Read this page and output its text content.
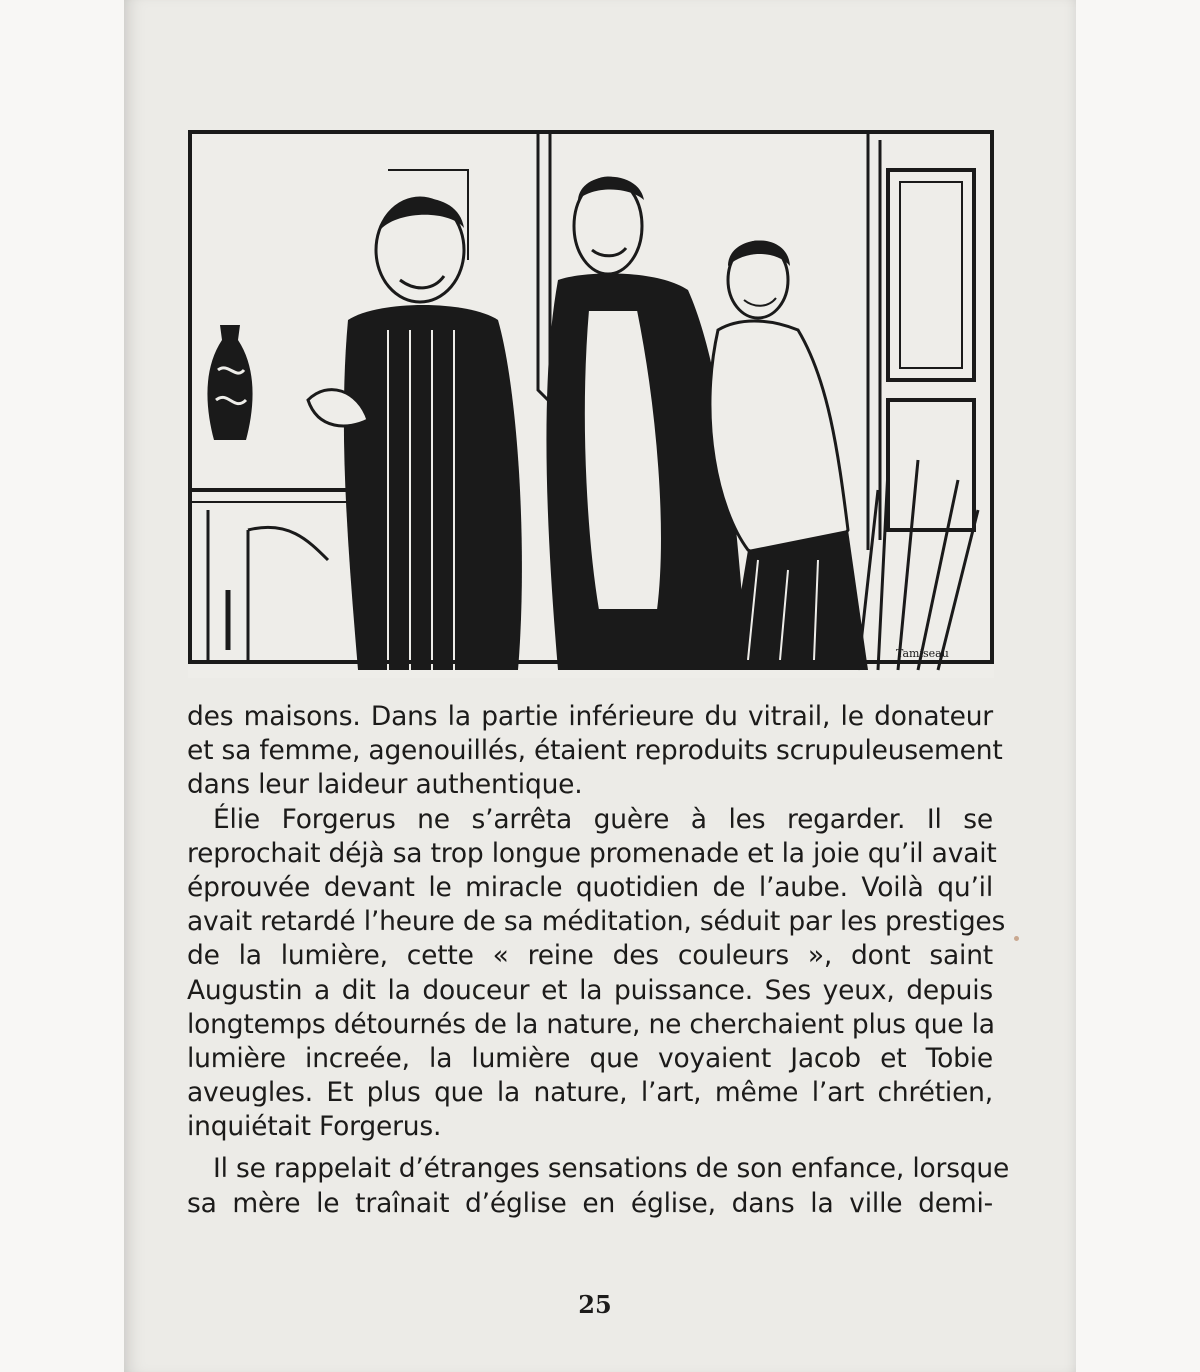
Tamiseau
des maisons. Dans la partie inférieure du vitrail, le donateur
et sa femme, agenouillés, étaient reproduits scrupuleusement
dans leur laideur authentique.
Élie Forgerus ne s’arrêta guère à les regarder. Il se
reprochait déjà sa trop longue promenade et la joie qu’il avait
éprouvée devant le miracle quotidien de l’aube. Voilà qu’il
avait retardé l’heure de sa méditation, séduit par les prestiges
de la lumière, cette « reine des couleurs », dont saint
Augustin a dit la douceur et la puissance. Ses yeux, depuis
longtemps détournés de la nature, ne cherchaient plus que la
lumière increée, la lumière que voyaient Jacob et Tobie
aveugles. Et plus que la nature, l’art, même l’art chrétien,
inquiétait Forgerus.
Il se rappelait d’étranges sensations de son enfance, lorsque
sa mère le traînait d’église en église, dans la ville demi-
25
